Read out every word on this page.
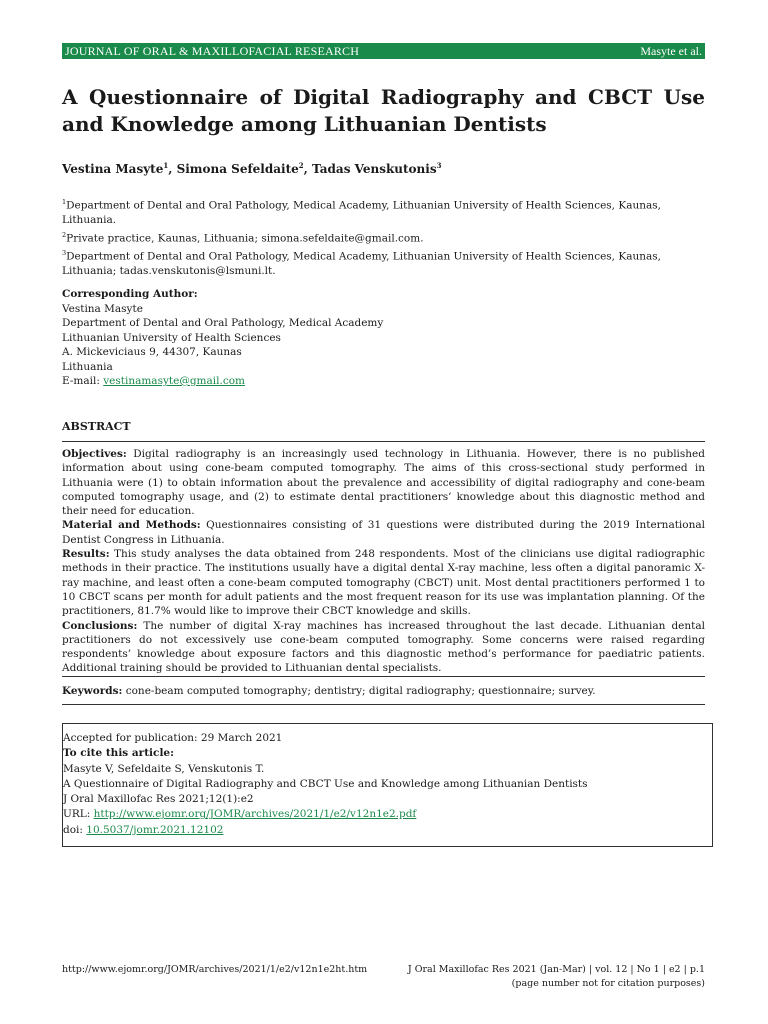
JOURNAL OF ORAL & MAXILLOFACIAL RESEARCH	Masyte et al.
A Questionnaire of Digital Radiography and CBCT Use and Knowledge among Lithuanian Dentists
Vestina Masyte$^1$, Simona Sefeldaite$^2$, Tadas Venskutonis$^3$
$^1$Department of Dental and Oral Pathology, Medical Academy, Lithuanian University of Health Sciences, Kaunas, Lithuania.
$^2$Private practice, Kaunas, Lithuania; simona.sefeldaite@gmail.com.
$^3$Department of Dental and Oral Pathology, Medical Academy, Lithuanian University of Health Sciences, Kaunas, Lithuania; tadas.venskutonis@lsmuni.lt.
Corresponding Author:
Vestina Masyte
Department of Dental and Oral Pathology, Medical Academy
Lithuanian University of Health Sciences
A. Mickeviciaus 9, 44307, Kaunas
Lithuania
E-mail: vestinamasyte@gmail.com
ABSTRACT

Objectives: Digital radiography is an increasingly used technology in Lithuania. However, there is no published information about using cone-beam computed tomography. The aims of this cross-sectional study performed in Lithuania were (1) to obtain information about the prevalence and accessibility of digital radiography and cone-beam computed tomography usage, and (2) to estimate dental practitioners’ knowledge about this diagnostic method and their need for education.

Material and Methods: Questionnaires consisting of 31 questions were distributed during the 2019 International Dentist Congress in Lithuania.

Results: This study analyses the data obtained from 248 respondents. Most of the clinicians use digital radiographic methods in their practice. The institutions usually have a digital dental X-ray machine, less often a digital panoramic X-ray machine, and least often a cone-beam computed tomography (CBCT) unit. Most dental practitioners performed 1 to 10 CBCT scans per month for adult patients and the most frequent reason for its use was implantation planning. Of the practitioners, 81.7% would like to improve their CBCT knowledge and skills.

Conclusions: The number of digital X-ray machines has increased throughout the last decade. Lithuanian dental practitioners do not excessively use cone-beam computed tomography. Some concerns were raised regarding respondents’ knowledge about exposure factors and this diagnostic method’s performance for paediatric patients. Additional training should be provided to Lithuanian dental specialists.

Keywords: cone-beam computed tomography; dentistry; digital radiography; questionnaire; survey.
Accepted for publication: 29 March 2021
To cite this article:
Masyte V, Sefeldaite S, Venskutonis T.
A Questionnaire of Digital Radiography and CBCT Use and Knowledge among Lithuanian Dentists
J Oral Maxillofac Res 2021;12(1):e2
URL: http://www.ejomr.org/JOMR/archives/2021/1/e2/v12n1e2.pdf
doi: 10.5037/jomr.2021.12102
http://www.ejomr.org/JOMR/archives/2021/1/e2/v12n1e2ht.htm	J Oral Maxillofac Res 2021 (Jan-Mar) | vol. 12 | No 1 | e2 | p.1
(page number not for citation purposes)
